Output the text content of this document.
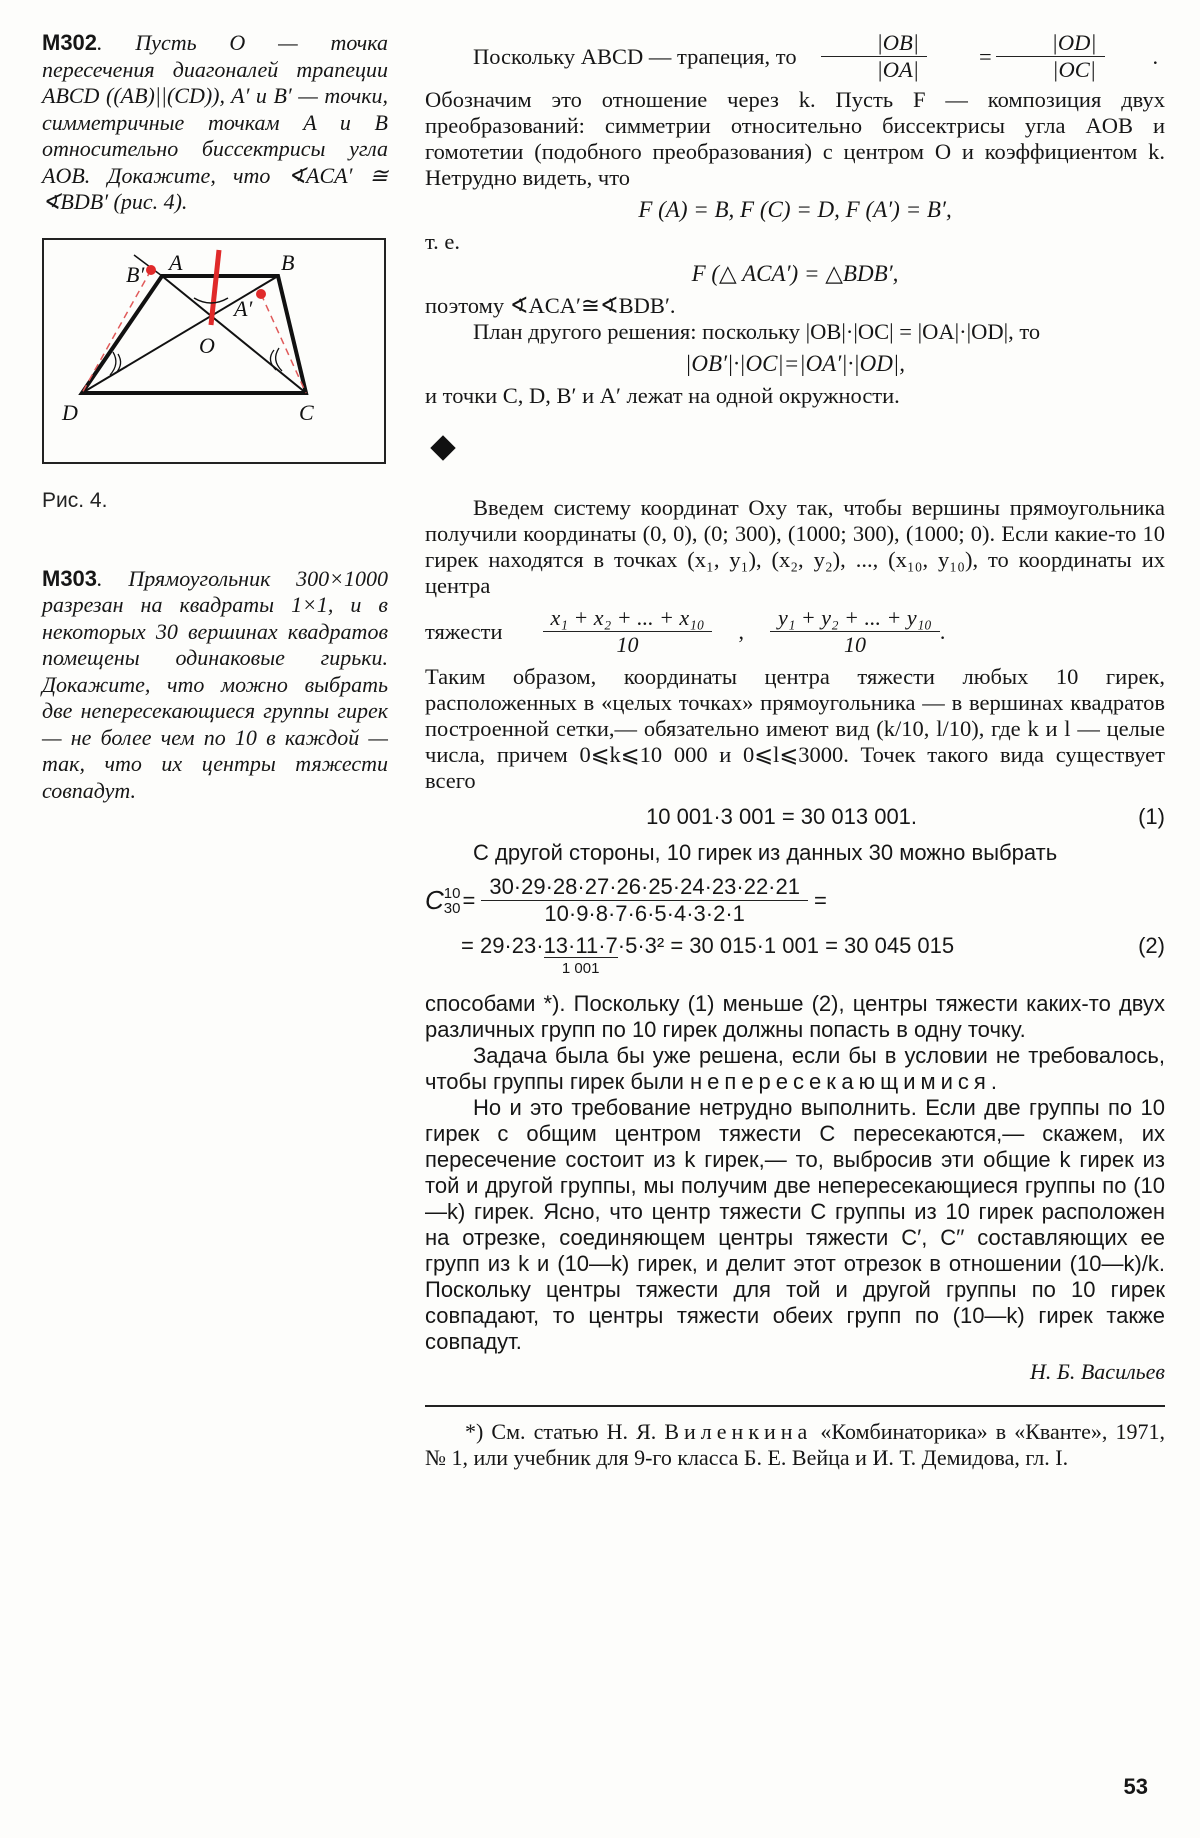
М302. Пусть O — точка пересечения диагоналей трапеции ABCD ((AB)||(CD)), A′ и B′ — точки, симметричные точкам A и B относительно биссектрисы угла AOB. Докажите, что ∢ACA′ ≅ ∢BDB′ (рис. 4).

A	B
B′
A′
O
D	C
Рис. 4.

М303. Прямоугольник 300×1000 разрезан на квадраты 1×1, и в некоторых 30 вершинах квадратов помещены одинаковые гирьки. Докажите, что можно выбрать две непересекающиеся группы гирек — не более чем по 10 в каждой — так, что их центры тяжести совпадут.

Поскольку ABCD — трапеция, то $\frac{|OB|}{|OA|}$	= $\frac{|OD|}{|OC|}$	.

Обозначим это отношение через k. Пусть F — композиция двух преобразований: симметрии относительно биссектрисы угла AOB и гомотетии (подобного преобразования) с центром O и коэффициентом k. Нетрудно видеть, что

F (A) = B, F (C) = D, F (A′) = B′,

т. е.

F (△ ACA′) = △BDB′,

поэтому ∢ACA′≅∢BDB′.

План другого решения: поскольку |OB|·|OC| = |OA|·|OD|, то

|OB′|·|OC|=|OA′|·|OD|,

и точки C, D, B′ и A′ лежат на одной окружности.

Введем систему координат Oxy так, чтобы вершины прямоугольника получили координаты (0, 0), (0; 300), (1000; 300), (1000; 0). Если какие-то 10 гирек находятся в точках (x₁, y₁), (x₂, y₂), ..., (x₁₀, y₁₀), то координаты их центра

тяжести $\frac{\text{x₁ + x₂ + ... + x₁₀}}{10}$ , $\frac{\text{y₁ + y₂ + ... + y₁₀}}{10}$ .

Таким образом, координаты центра тяжести любых 10 гирек, расположенных в «целых точках» прямоугольника — в вершинах квадратов построенной сетки,— обязательно имеют вид (k/10, l/10), где k и l — целые числа, причем 0⩽k⩽10 000 и 0⩽l⩽3000. Точек такого вида существует всего

10 001·3 001 = 30 013 001.	(1)

С другой стороны, 10 гирек из данных 30 можно выбрать

C 10
$30 = \frac{30\cdot 29\cdot 28\cdot 27\cdot 26\cdot 25\cdot 24\cdot 23\cdot 22\cdot 21}{10\cdot 9\cdot 8\cdot 7\cdot 6\cdot 5\cdot 4\cdot 3\cdot 2\cdot 1}$ =
= 29·23·13·11·7
1 001
·5·3² = 30 015·1 001 = 30 045 015	(2)

способами *). Поскольку (1) меньше (2), центры тяжести каких-то двух различных групп по 10 гирек должны попасть в одну точку.

Задача была бы уже решена, если бы в условии не требовалось, чтобы группы гирек были непересекающимися.

Но и это требование нетрудно выполнить. Если две группы по 10 гирек с общим центром тяжести C пересекаются,— скажем, их пересечение состоит из k гирек,— то, выбросив эти общие k гирек из той и другой группы, мы получим две непересекающиеся группы по (10—k) гирек. Ясно, что центр тяжести C группы из 10 гирек расположен на отрезке, соединяющем центры тяжести C′, C′′ составляющих ее групп из k и (10—k) гирек, и делит этот отрезок в отношении (10—k)/k. Поскольку центры тяжести для той и другой группы по 10 гирек совпадают, то центры тяжести обеих групп по (10—k) гирек также совпадут.

Н. Б. Васильев

*) См. статью Н. Я. Виленкина «Комбинаторика» в «Кванте», 1971, № 1, или учебник для 9-го класса Б. Е. Вейца и И. Т. Демидова, гл. I.

53
